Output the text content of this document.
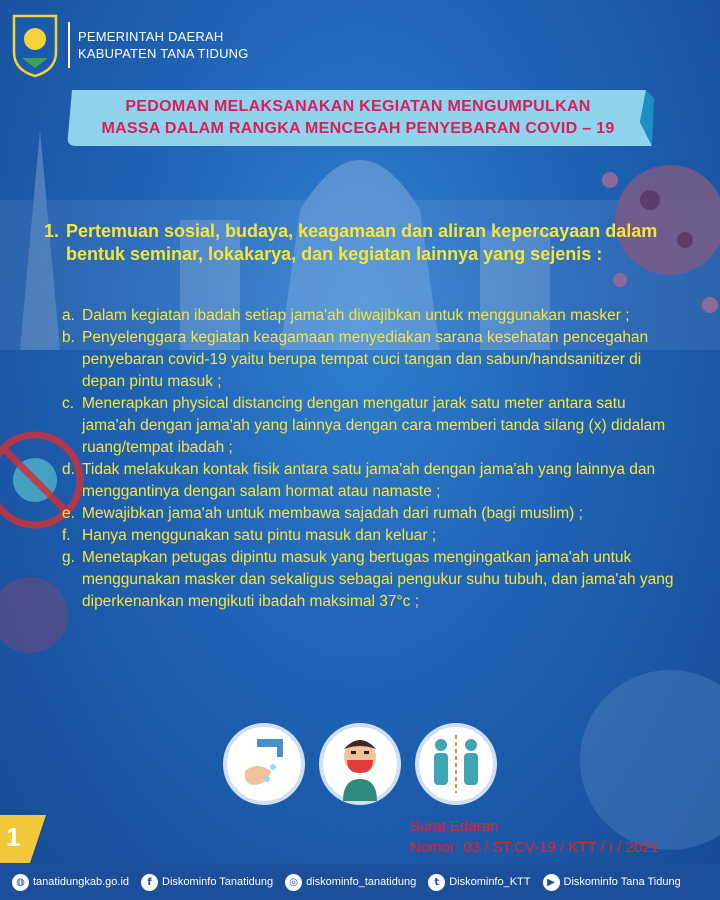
PEMERINTAH DAERAH
KABUPATEN TANA TIDUNG
PEDOMAN MELAKSANAKAN KEGIATAN MENGUMPULKAN
MASSA DALAM RANGKA MENCEGAH PENYEBARAN COVID – 19
1. Pertemuan sosial, budaya, keagamaan dan aliran kepercayaan dalam bentuk seminar, lokakarya, dan kegiatan lainnya yang sejenis :

a. Dalam kegiatan ibadah setiap jama'ah diwajibkan untuk menggunakan masker ;

b. Penyelenggara kegiatan keagamaan menyediakan sarana kesehatan pencegahan penyebaran covid-19 yaitu berupa tempat cuci tangan dan sabun/handsanitizer di depan pintu masuk ;

c. Menerapkan physical distancing dengan mengatur jarak satu meter antara satu jama'ah dengan jama'ah yang lainnya dengan cara memberi tanda silang (x) didalam ruang/tempat ibadah ;

d. Tidak melakukan kontak fisik antara satu jama'ah dengan jama'ah yang lainnya dan menggantinya dengan salam hormat atau namaste ;

e. Mewajibkan jama'ah untuk membawa sajadah dari rumah (bagi muslim) ;

f. Hanya menggunakan satu pintu masuk dan keluar ;

g. Menetapkan petugas dipintu masuk yang bertugas mengingatkan jama'ah untuk menggunakan masker dan sekaligus sebagai pengukur suhu tubuh, dan jama'ah yang diperkenankan mengikuti ibadah maksimal 37°c ;

1	Surat Edaran
Nomor: 03 / ST.CV-19 / KTT / I / 2021
◍ tanatidungkab.go.id	f Diskominfo Tanatidung	◎ diskominfo_tanatidung	t Diskominfo_KTT	▶ Diskominfo Tana Tidung
